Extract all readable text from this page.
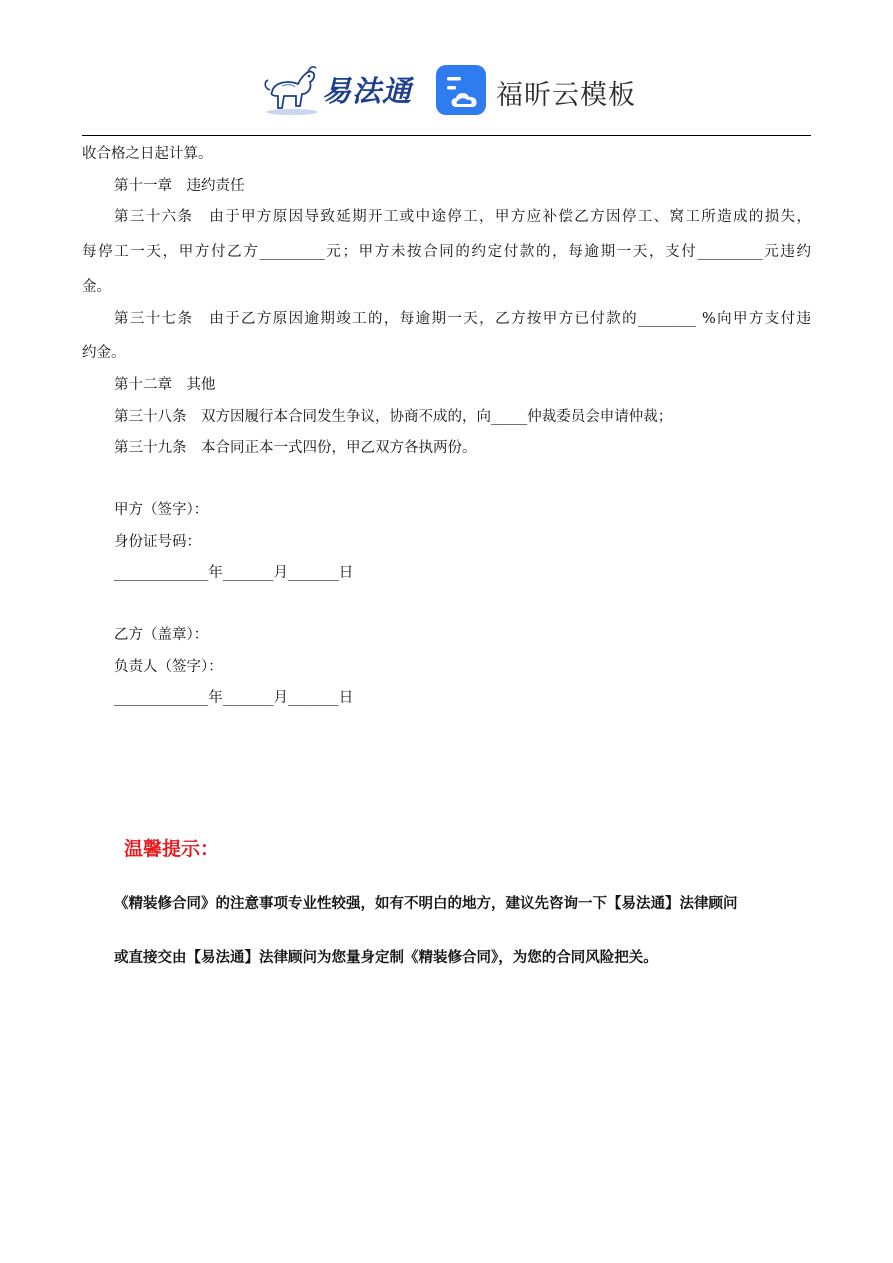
易法通	福昕云模板
收合格之日起计算。
第十一章　违约责任
第三十六条　由于甲方原因导致延期开工或中途停工，甲方应补偿乙方因停工、窝工所造成的损失，
每停工一天，甲方付乙方_________元；甲方未按合同的约定付款的，每逾期一天，支付_________元违约
金。
第三十七条　由于乙方原因逾期竣工的，每逾期一天，乙方按甲方已付款的________ %向甲方支付违
约金。
第十二章　其他
第三十八条　双方因履行本合同发生争议，协商不成的，向_____仲裁委员会申请仲裁；
第三十九条　本合同正本一式四份，甲乙双方各执两份。
甲方（签字）：
身份证号码：
_____________年_______月_______日
乙方（盖章）：
负责人（签字）：
_____________年_______月_______日
温馨提示：
《精装修合同》的注意事项专业性较强，如有不明白的地方，建议先咨询一下【易法通】法律顾问
或直接交由【易法通】法律顾问为您量身定制《精装修合同》，为您的合同风险把关。
